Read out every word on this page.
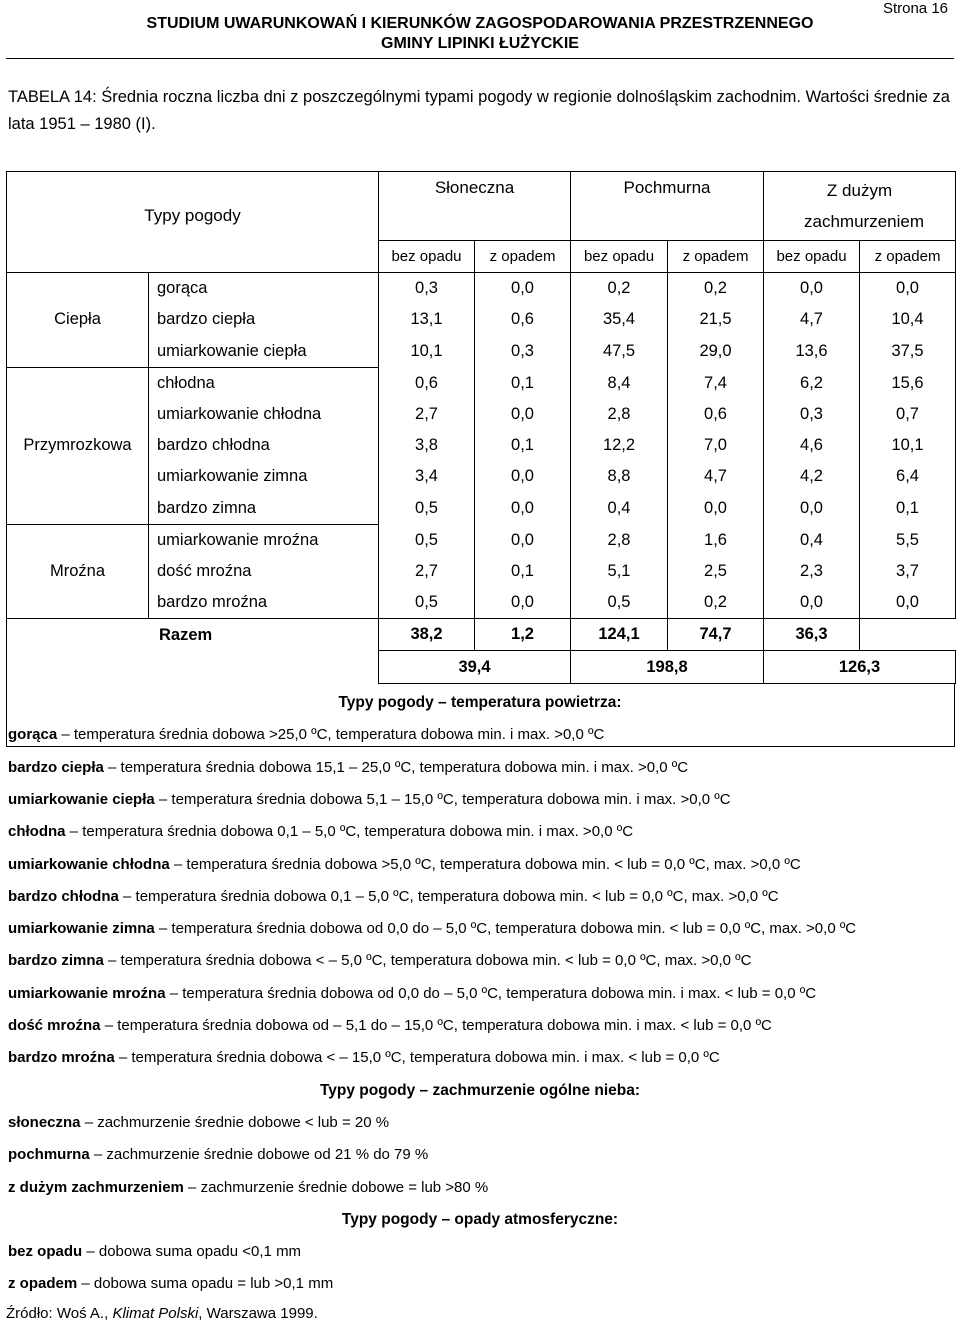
Strona 16
STUDIUM UWARUNKOWAŃ I KIERUNKÓW ZAGOSPODAROWANIA PRZESTRZENNEGO
GMINY LIPINKI ŁUŻYCKIE
TABELA 14: Średnia roczna liczba dni z poszczególnymi typami pogody w regionie dolnośląskim zachodnim. Wartości średnie za lata 1951 – 1980 (I).
Typy pogody		Słoneczna		Pochmurna		Z dużym zachmurzeniem	
		bez opadu	z opadem	bez opadu	z opadem	bez opadu	z opadem
	gorąca	0,3	0,0	0,2	0,2	0,0	0,0
Ciepła	bardzo ciepła	13,1	0,6	35,4	21,5	4,7	10,4
	umiarkowanie ciepła	10,1	0,3	47,5	29,0	13,6	37,5
	chłodna	0,6	0,1	8,4	7,4	6,2	15,6
	umiarkowanie chłodna	2,7	0,0	2,8	0,6	0,3	0,7
Przymrozkowa	bardzo chłodna	3,8	0,1	12,2	7,0	4,6	10,1
	umiarkowanie zimna	3,4	0,0	8,8	4,7	4,2	6,4
	bardzo zimna	0,5	0,0	0,4	0,0	0,0	0,1
	umiarkowanie mroźna	0,5	0,0	2,8	1,6	0,4	5,5
Mroźna	dość mroźna	2,7	0,1	5,1	2,5	2,3	3,7
	bardzo mroźna	0,5	0,0	0,5	0,2	0,0	0,0
Razem		38,2	1,2	124,1	74,7	36,3	
		39,4		198,8		126,3	
Typy pogody – temperatura powietrza:
gorąca – temperatura średnia dobowa >25,0 ºC, temperatura dobowa min. i max. >0,0 ºC
bardzo ciepła – temperatura średnia dobowa 15,1 – 25,0 ºC, temperatura dobowa min. i max. >0,0 ºC
umiarkowanie ciepła – temperatura średnia dobowa 5,1 – 15,0 ºC, temperatura dobowa min. i max. >0,0 ºC
chłodna – temperatura średnia dobowa 0,1 – 5,0 ºC, temperatura dobowa min. i max. >0,0 ºC
umiarkowanie chłodna – temperatura średnia dobowa >5,0 ºC, temperatura dobowa min. < lub = 0,0 ºC, max. >0,0 ºC
bardzo chłodna – temperatura średnia dobowa 0,1 – 5,0 ºC, temperatura dobowa min. < lub = 0,0 ºC, max. >0,0 ºC
umiarkowanie zimna – temperatura średnia dobowa od 0,0 do – 5,0 ºC, temperatura dobowa min. < lub = 0,0 ºC, max. >0,0 ºC
bardzo zimna – temperatura średnia dobowa < – 5,0 ºC, temperatura dobowa min. < lub = 0,0 ºC, max. >0,0 ºC
umiarkowanie mroźna – temperatura średnia dobowa od 0,0 do – 5,0 ºC, temperatura dobowa min. i max. < lub = 0,0 ºC
dość mroźna – temperatura średnia dobowa od – 5,1 do – 15,0 ºC, temperatura dobowa min. i max. < lub = 0,0 ºC
bardzo mroźna – temperatura średnia dobowa < – 15,0 ºC, temperatura dobowa min. i max. < lub = 0,0 ºC
Typy pogody – zachmurzenie ogólne nieba:
słoneczna – zachmurzenie średnie dobowe < lub = 20 %
pochmurna – zachmurzenie średnie dobowe od 21 % do 79 %
z dużym zachmurzeniem – zachmurzenie średnie dobowe = lub >80 %
Typy pogody – opady atmosferyczne:
bez opadu – dobowa suma opadu <0,1 mm
z opadem – dobowa suma opadu = lub >0,1 mm
Źródło: Woś A., Klimat Polski, Warszawa 1999.
